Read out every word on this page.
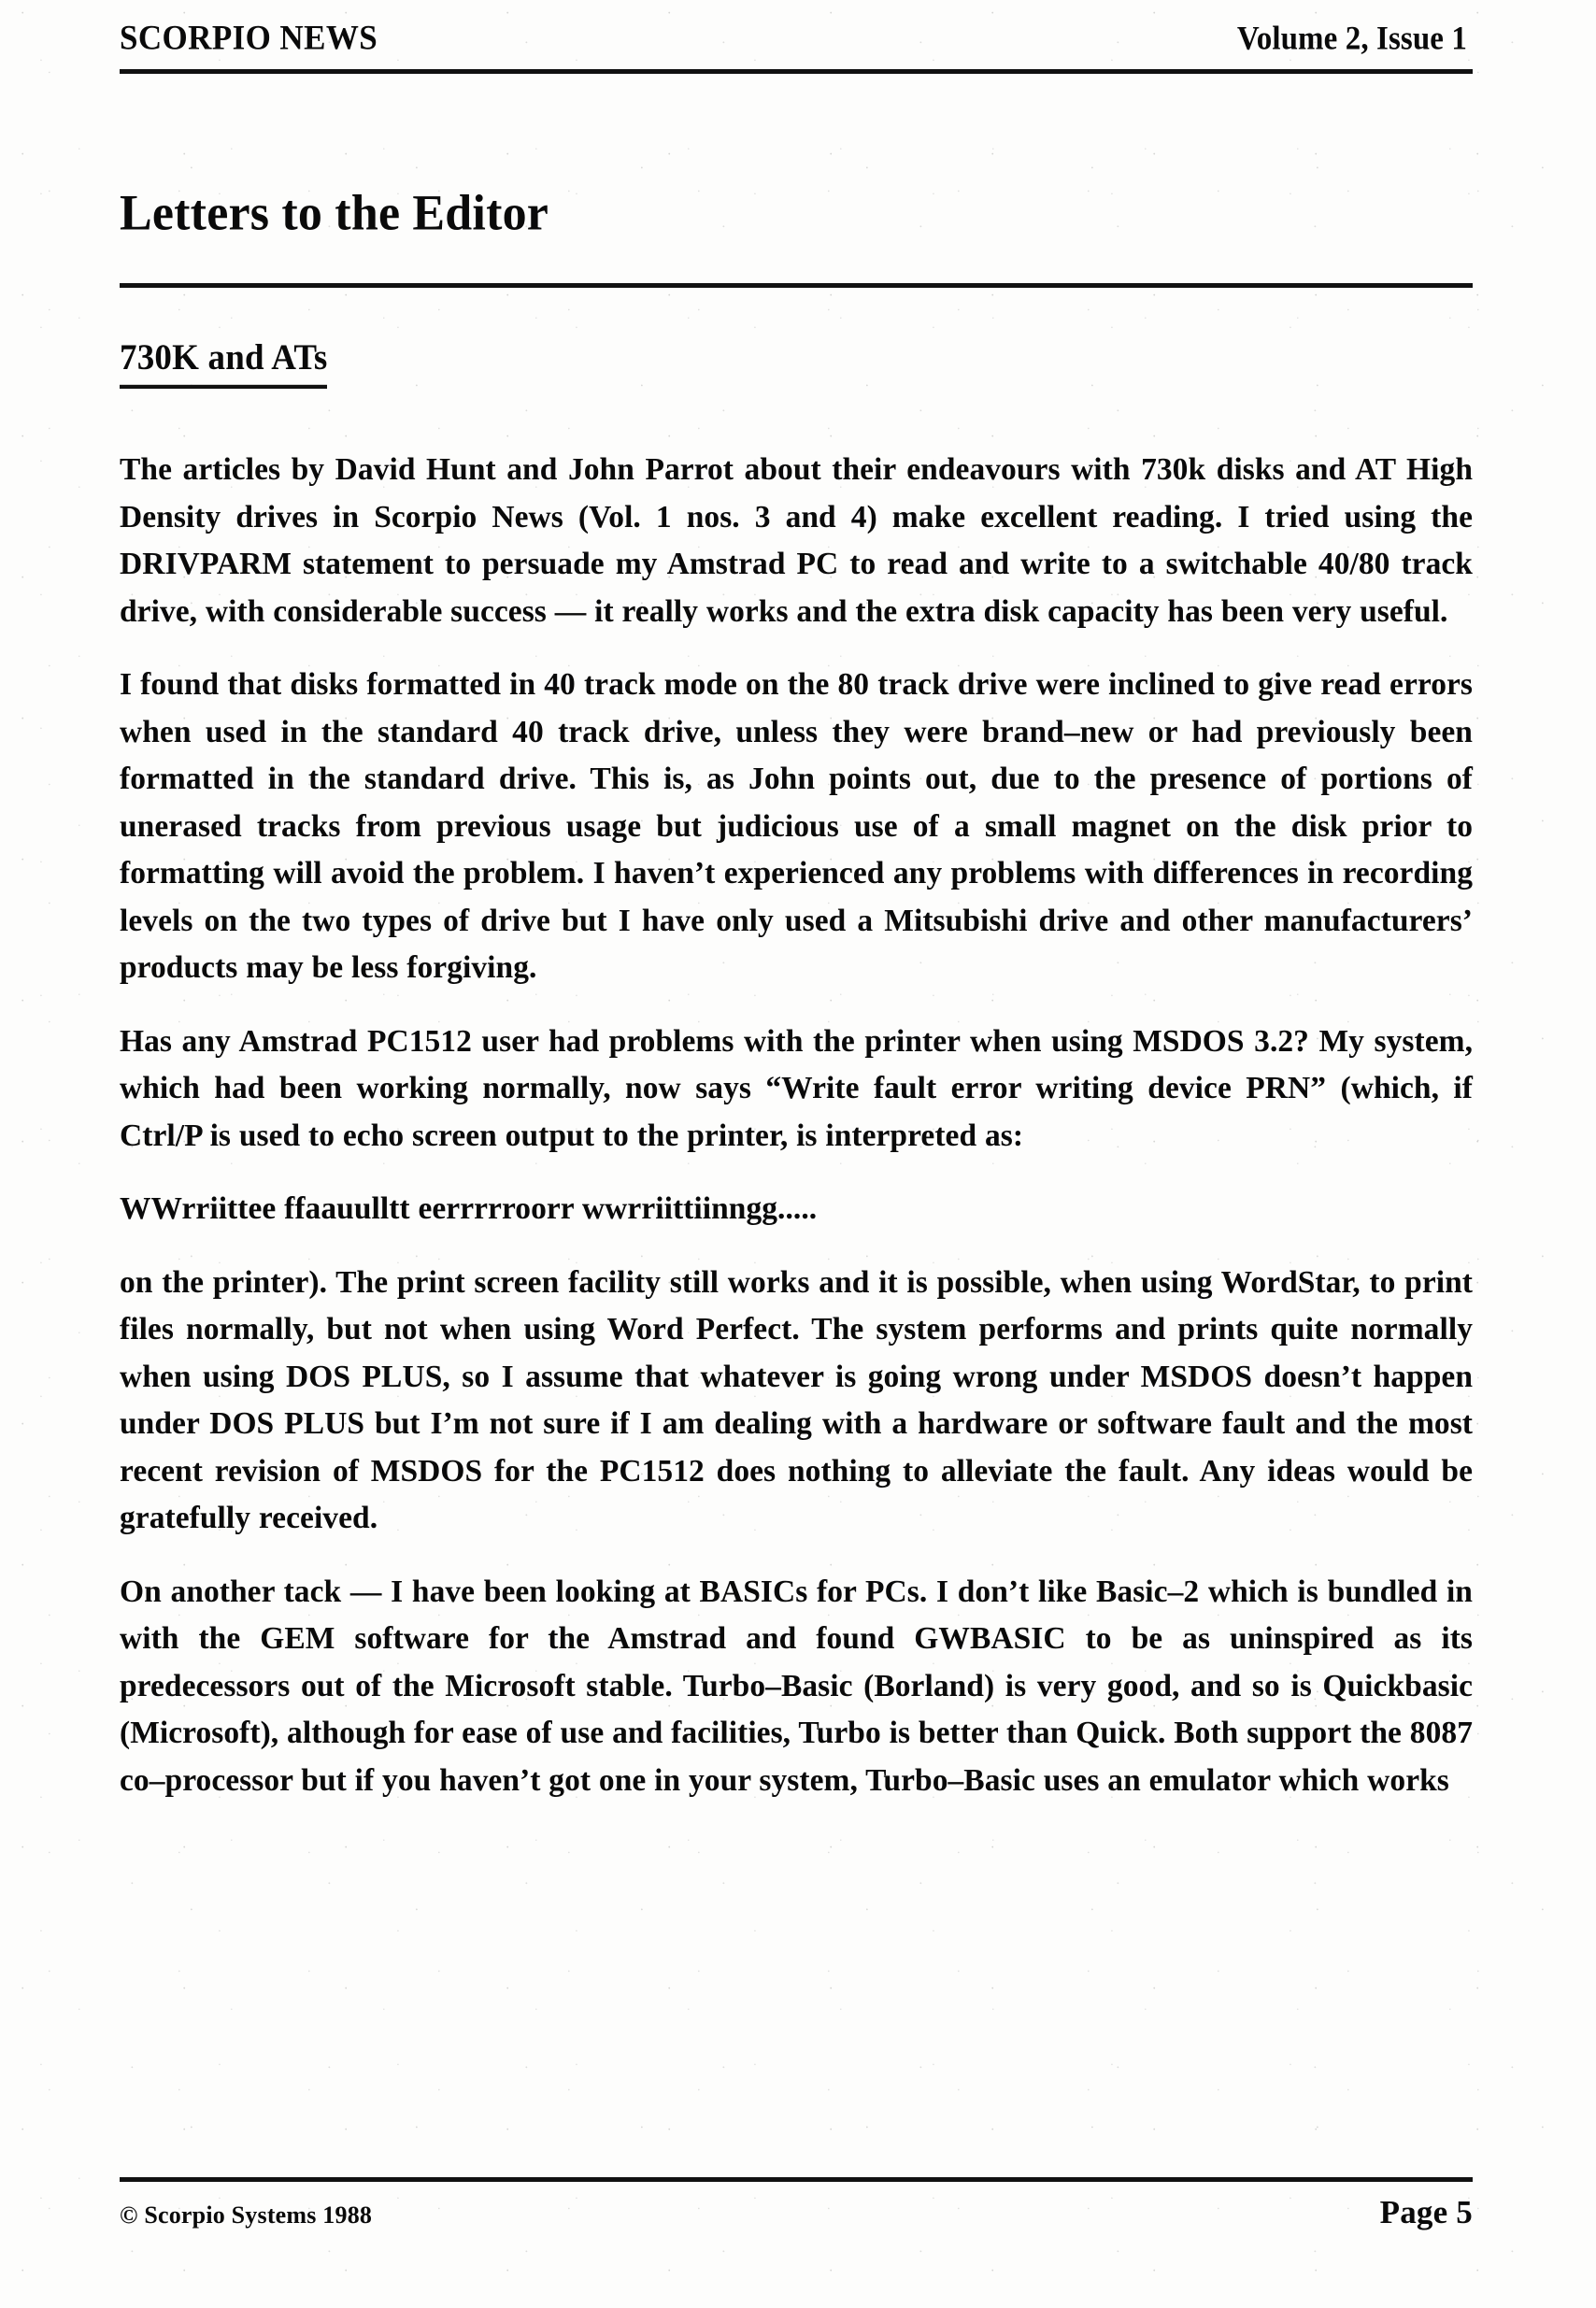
SCORPIO NEWS	Volume 2, Issue 1
Letters to the Editor
730K and ATs

The articles by David Hunt and John Parrot about their endeavours with 730k disks and AT High Density drives in Scorpio News (Vol. 1 nos. 3 and 4) make excellent reading. I tried using the DRIVPARM statement to persuade my Amstrad PC to read and write to a switchable 40/80 track drive, with considerable success — it really works and the extra disk capacity has been very useful.

I found that disks formatted in 40 track mode on the 80 track drive were inclined to give read errors when used in the standard 40 track drive, unless they were brand–new or had previously been formatted in the standard drive. This is, as John points out, due to the presence of portions of unerased tracks from previous usage but judicious use of a small magnet on the disk prior to formatting will avoid the problem. I haven’t experienced any problems with differences in recording levels on the two types of drive but I have only used a Mitsubishi drive and other manufacturers’ products may be less forgiving.

Has any Amstrad PC1512 user had problems with the printer when using MSDOS 3.2? My system, which had been working normally, now says “Write fault error writing device PRN” (which, if Ctrl/P is used to echo screen output to the printer, is interpreted as:

WWrriittee ffaauulltt eerrrrroorr wwrriittiinngg.....

on the printer). The print screen facility still works and it is possible, when using WordStar, to print files normally, but not when using Word Perfect. The system performs and prints quite normally when using DOS PLUS, so I assume that whatever is going wrong under MSDOS doesn’t happen under DOS PLUS but I’m not sure if I am dealing with a hardware or software fault and the most recent revision of MSDOS for the PC1512 does nothing to alleviate the fault. Any ideas would be gratefully received.

On another tack — I have been looking at BASICs for PCs. I don’t like Basic–2 which is bundled in with the GEM software for the Amstrad and found GWBASIC to be as uninspired as its predecessors out of the Microsoft stable. Turbo–Basic (Borland) is very good, and so is Quickbasic (Microsoft), although for ease of use and facilities, Turbo is better than Quick. Both support the 8087 co–processor but if you haven’t got one in your system, Turbo–Basic uses an emulator which works

© Scorpio Systems 1988	Page 5
